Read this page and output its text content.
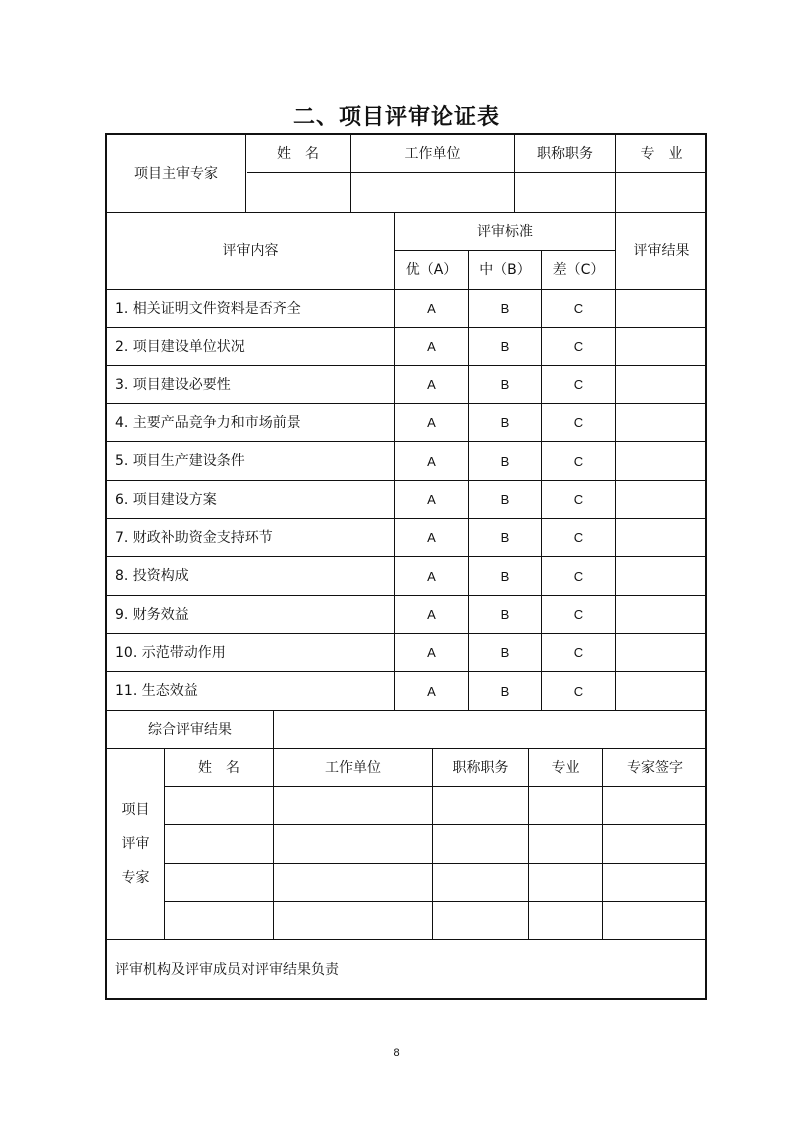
二、项目评审论证表
项目主审专家
姓　名	工作单位	职称职务	专　业
评审内容
评审标准
优（A）	中（B）	差（C）
评审结果
1. 相关证明文件资料是否齐全	A	B	C
2. 项目建设单位状况	A	B	C
3. 项目建设必要性	A	B	C
4. 主要产品竞争力和市场前景	A	B	C
5. 项目生产建设条件	A	B	C
6. 项目建设方案	A	B	C
7. 财政补助资金支持环节	A	B	C
8. 投资构成	A	B	C
9. 财务效益	A	B	C
10. 示范带动作用	A	B	C
11. 生态效益	A	B	C
综合评审结果
项目
评审
专家
姓　名	工作单位	职称职务	专业	专家签字
评审机构及评审成员对评审结果负责
8
